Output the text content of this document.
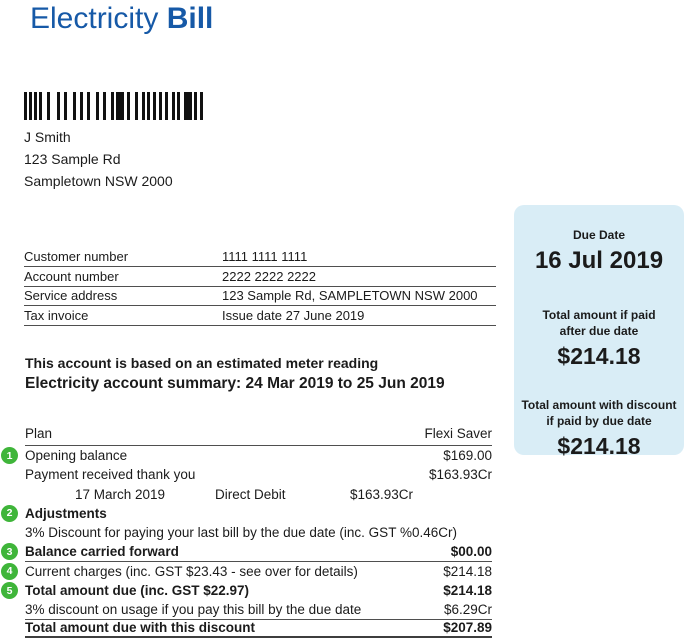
Electricity Bill
J Smith
123 Sample Rd
Sampletown NSW 2000
Customer number	1111 1111 1111
Account number	2222 2222 2222
Service address	123 Sample Rd, SAMPLETOWN NSW 2000
Tax invoice	Issue date 27 June 2019
Due Date
16 Jul 2019
Total amount if paid
after due date
$214.18
Total amount with discount
if paid by due date
$214.18
This account is based on an estimated meter reading
Electricity account summary: 24 Mar 2019 to 25 Jun 2019
Plan	Flexi Saver
1 Opening balance	$169.00
Payment received thank you	$163.93Cr
17 March 2019	Direct Debit	$163.93Cr
2 Adjustments
3% Discount for paying your last bill by the due date (inc. GST %0.46Cr)
3 Balance carried forward	$00.00
4 Current charges (inc. GST $23.43 - see over for details)	$214.18
5 Total amount due (inc. GST $22.97)	$214.18
3% discount on usage if you pay this bill by the due date	$6.29Cr
Total amount due with this discount	$207.89
